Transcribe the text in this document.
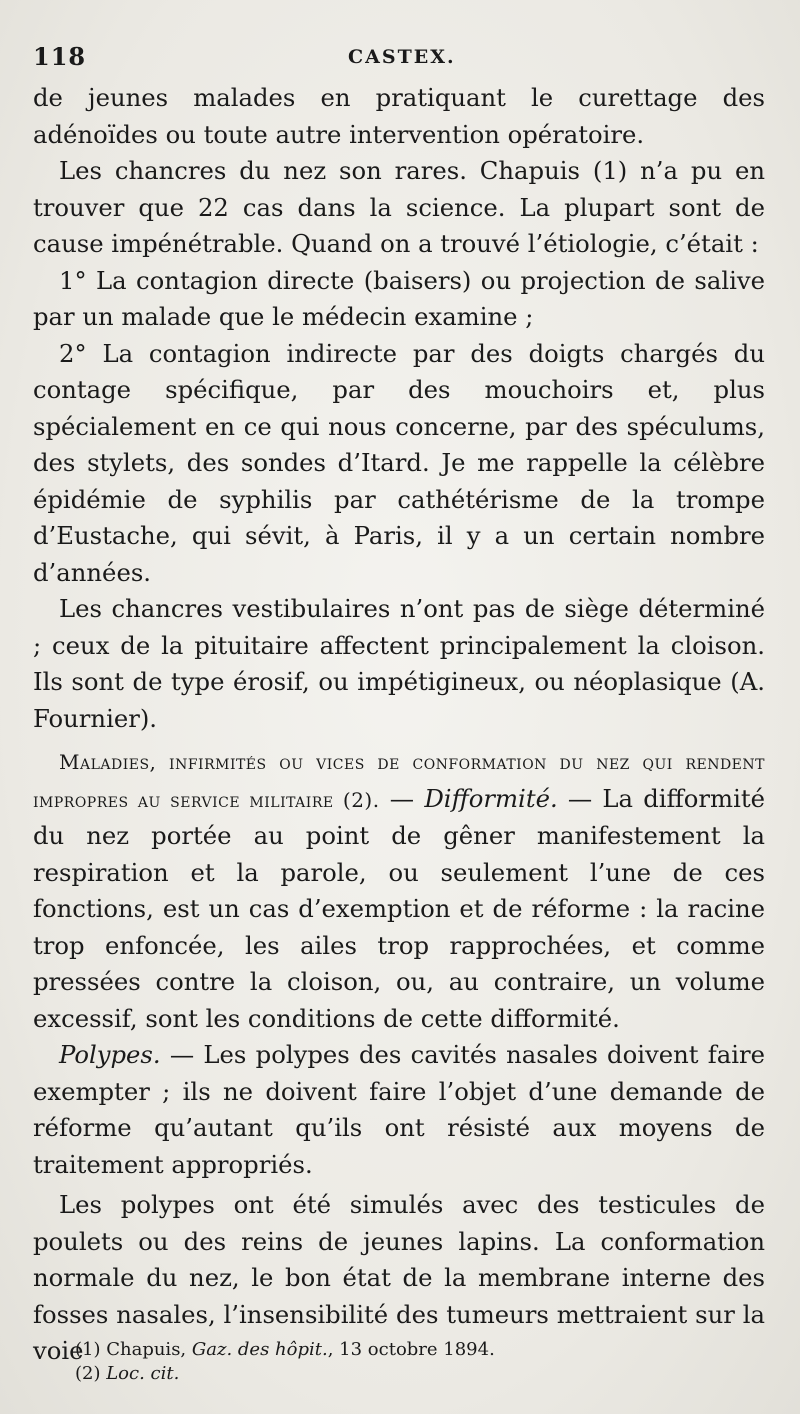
118	CASTEX.

de jeunes malades en pratiquant le curettage des adénoïdes ou toute autre intervention opératoire.

Les chancres du nez son rares. Chapuis (1) n’a pu en trouver que 22 cas dans la science. La plupart sont de cause impénétrable. Quand on a trouvé l’étiologie, c’était :

1° La contagion directe (baisers) ou projection de salive par un malade que le médecin examine ;

2° La contagion indirecte par des doigts chargés du contage spécifique, par des mouchoirs et, plus spécialement en ce qui nous concerne, par des spéculums, des stylets, des sondes d’Itard. Je me rappelle la célèbre épidémie de syphilis par cathétérisme de la trompe d’Eustache, qui sévit, à Paris, il y a un certain nombre d’années.

Les chancres vestibulaires n’ont pas de siège déterminé ; ceux de la pituitaire affectent principalement la cloison. Ils sont de type érosif, ou impétigineux, ou néoplasique (A. Fournier).

Maladies, infirmités ou vices de conformation du nez qui rendent impropres au service militaire (2). — Difformité. — La difformité du nez portée au point de gêner manifestement la respiration et la parole, ou seulement l’une de ces fonctions, est un cas d’exemption et de réforme : la racine trop enfoncée, les ailes trop rapprochées, et comme pressées contre la cloison, ou, au contraire, un volume excessif, sont les conditions de cette difformité.

Polypes. — Les polypes des cavités nasales doivent faire exempter ; ils ne doivent faire l’objet d’une demande de réforme qu’autant qu’ils ont résisté aux moyens de traitement appropriés.

Les polypes ont été simulés avec des testicules de poulets ou des reins de jeunes lapins. La conformation normale du nez, le bon état de la membrane interne des fosses nasales, l’insensibilité des tumeurs mettraient sur la voie

(1) Chapuis, Gaz. des hôpit., 13 octobre 1894.

(2) Loc. cit.
